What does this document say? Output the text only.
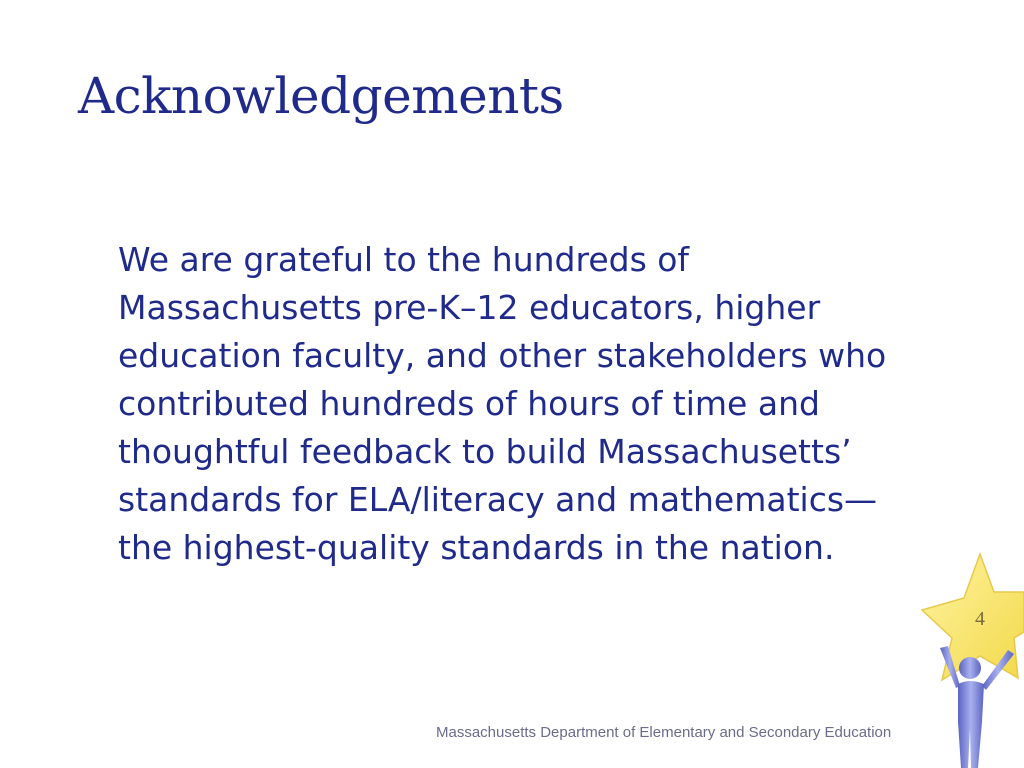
Acknowledgements

We are grateful to the hundreds of
Massachusetts pre-K–12 educators, higher
education faculty, and other stakeholders who
contributed hundreds of hours of time and
thoughtful feedback to build Massachusetts’
standards for ELA/literacy and mathematics—
the highest-quality standards in the nation.

4
Massachusetts Department of Elementary and Secondary Education
